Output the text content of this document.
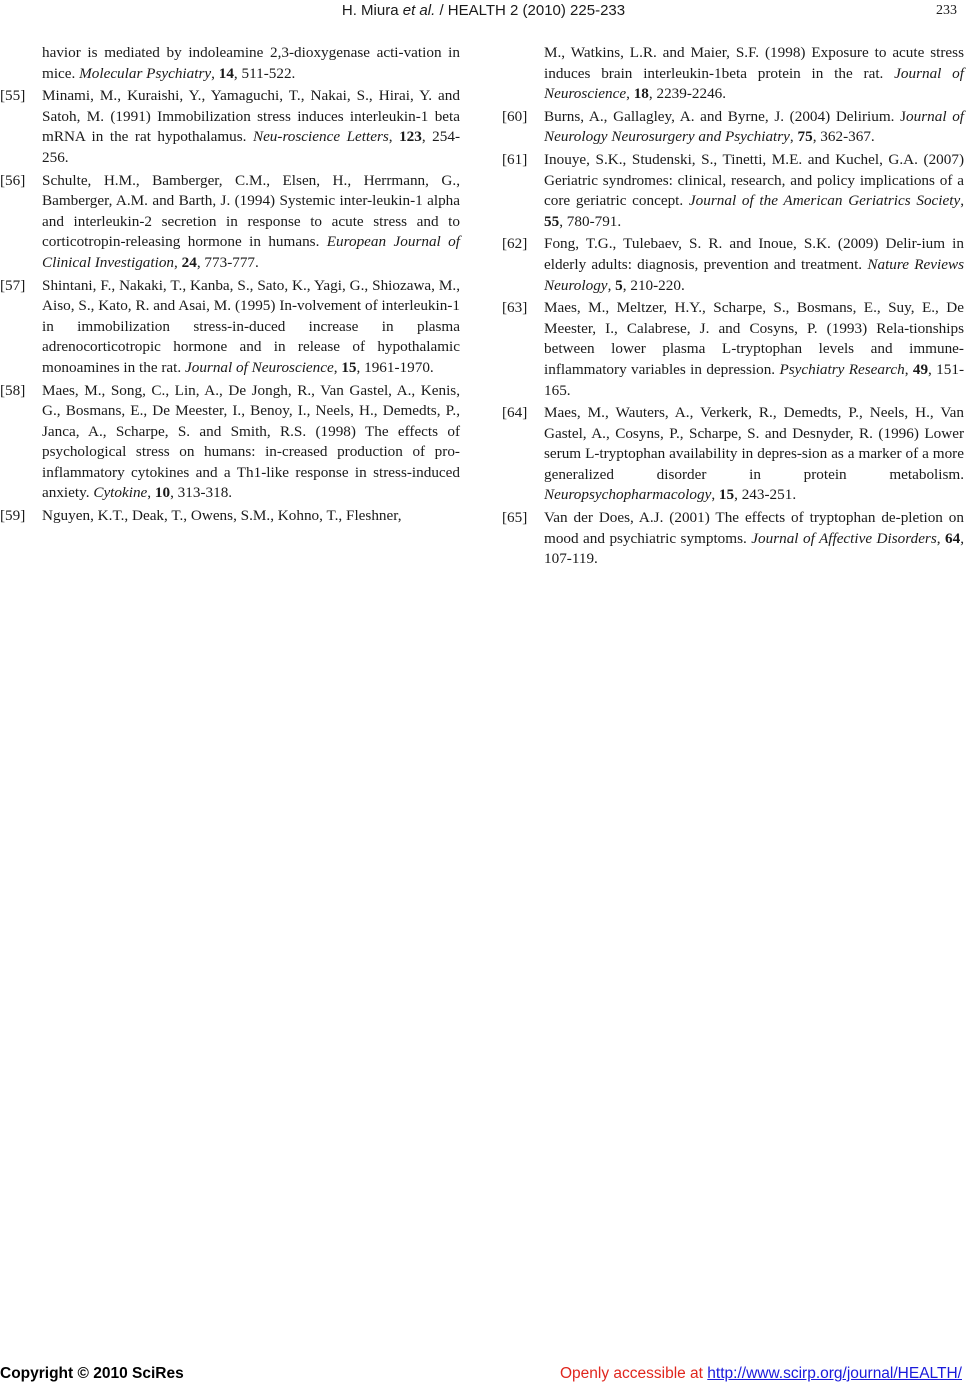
H. Miura et al. / HEALTH 2 (2010) 225-233	233
havior is mediated by indoleamine 2,3-dioxygenase acti-vation in mice. Molecular Psychiatry, 14, 511-522.
[55] Minami, M., Kuraishi, Y., Yamaguchi, T., Nakai, S., Hirai, Y. and Satoh, M. (1991) Immobilization stress induces interleukin-1 beta mRNA in the rat hypothalamus. Neu-roscience Letters, 123, 254-256.
[56] Schulte, H.M., Bamberger, C.M., Elsen, H., Herrmann, G., Bamberger, A.M. and Barth, J. (1994) Systemic inter-leukin-1 alpha and interleukin-2 secretion in response to acute stress and to corticotropin-releasing hormone in humans. European Journal of Clinical Investigation, 24, 773-777.
[57] Shintani, F., Nakaki, T., Kanba, S., Sato, K., Yagi, G., Shiozawa, M., Aiso, S., Kato, R. and Asai, M. (1995) In-volvement of interleukin-1 in immobilization stress-in-duced increase in plasma adrenocorticotropic hormone and in release of hypothalamic monoamines in the rat. Journal of Neuroscience, 15, 1961-1970.
[58] Maes, M., Song, C., Lin, A., De Jongh, R., Van Gastel, A., Kenis, G., Bosmans, E., De Meester, I., Benoy, I., Neels, H., Demedts, P., Janca, A., Scharpe, S. and Smith, R.S. (1998) The effects of psychological stress on humans: in-creased production of pro-inflammatory cytokines and a Th1-like response in stress-induced anxiety. Cytokine, 10, 313-318.
[59] Nguyen, K.T., Deak, T., Owens, S.M., Kohno, T., Fleshner,
M., Watkins, L.R. and Maier, S.F. (1998) Exposure to acute stress induces brain interleukin-1beta protein in the rat. Journal of Neuroscience, 18, 2239-2246.
[60] Burns, A., Gallagley, A. and Byrne, J. (2004) Delirium. Journal of Neurology Neurosurgery and Psychiatry, 75, 362-367.
[61] Inouye, S.K., Studenski, S., Tinetti, M.E. and Kuchel, G.A. (2007) Geriatric syndromes: clinical, research, and policy implications of a core geriatric concept. Journal of the American Geriatrics Society, 55, 780-791.
[62] Fong, T.G., Tulebaev, S. R. and Inoue, S.K. (2009) Delir-ium in elderly adults: diagnosis, prevention and treatment. Nature Reviews Neurology, 5, 210-220.
[63] Maes, M., Meltzer, H.Y., Scharpe, S., Bosmans, E., Suy, E., De Meester, I., Calabrese, J. and Cosyns, P. (1993) Rela-tionships between lower plasma L-tryptophan levels and immune-inflammatory variables in depression. Psychiatry Research, 49, 151-165.
[64] Maes, M., Wauters, A., Verkerk, R., Demedts, P., Neels, H., Van Gastel, A., Cosyns, P., Scharpe, S. and Desnyder, R. (1996) Lower serum L-tryptophan availability in depres-sion as a marker of a more generalized disorder in protein metabolism. Neuropsychopharmacology, 15, 243-251.
[65] Van der Does, A.J. (2001) The effects of tryptophan de-pletion on mood and psychiatric symptoms. Journal of Affective Disorders, 64, 107-119.
Copyright © 2010 SciRes	Openly accessible at http://www.scirp.org/journal/HEALTH/
